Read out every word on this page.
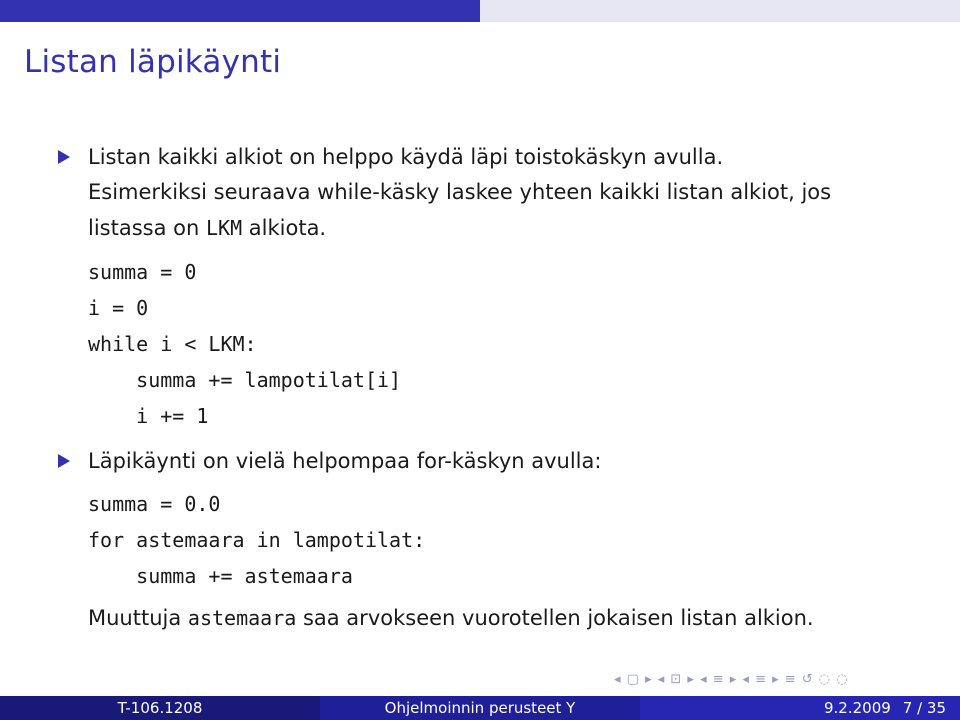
Listan läpikäynti
Listan kaikki alkiot on helppo käydä läpi toistokäskyn avulla.
Esimerkiksi seuraava while-käsky laskee yhteen kaikki listan alkiot, jos
listassa on LKM alkiota.
summa = 0
i = 0
while i < LKM:
summa += lampotilat[i]
i += 1
Läpikäynti on vielä helpompaa for-käskyn avulla:
summa = 0.0
for astemaara in lampotilat:
summa += astemaara
Muuttuja astemaara saa arvokseen vuorotellen jokaisen listan alkion.
◂ ▢ ▸ ◂ ⊡ ▸ ◂ ≡ ▸ ◂ ≡ ▸ ≡ ↺ ◌ ◌
T-106.1208	Ohjelmoinnin perusteet Y	9.2.2009 7 / 35
